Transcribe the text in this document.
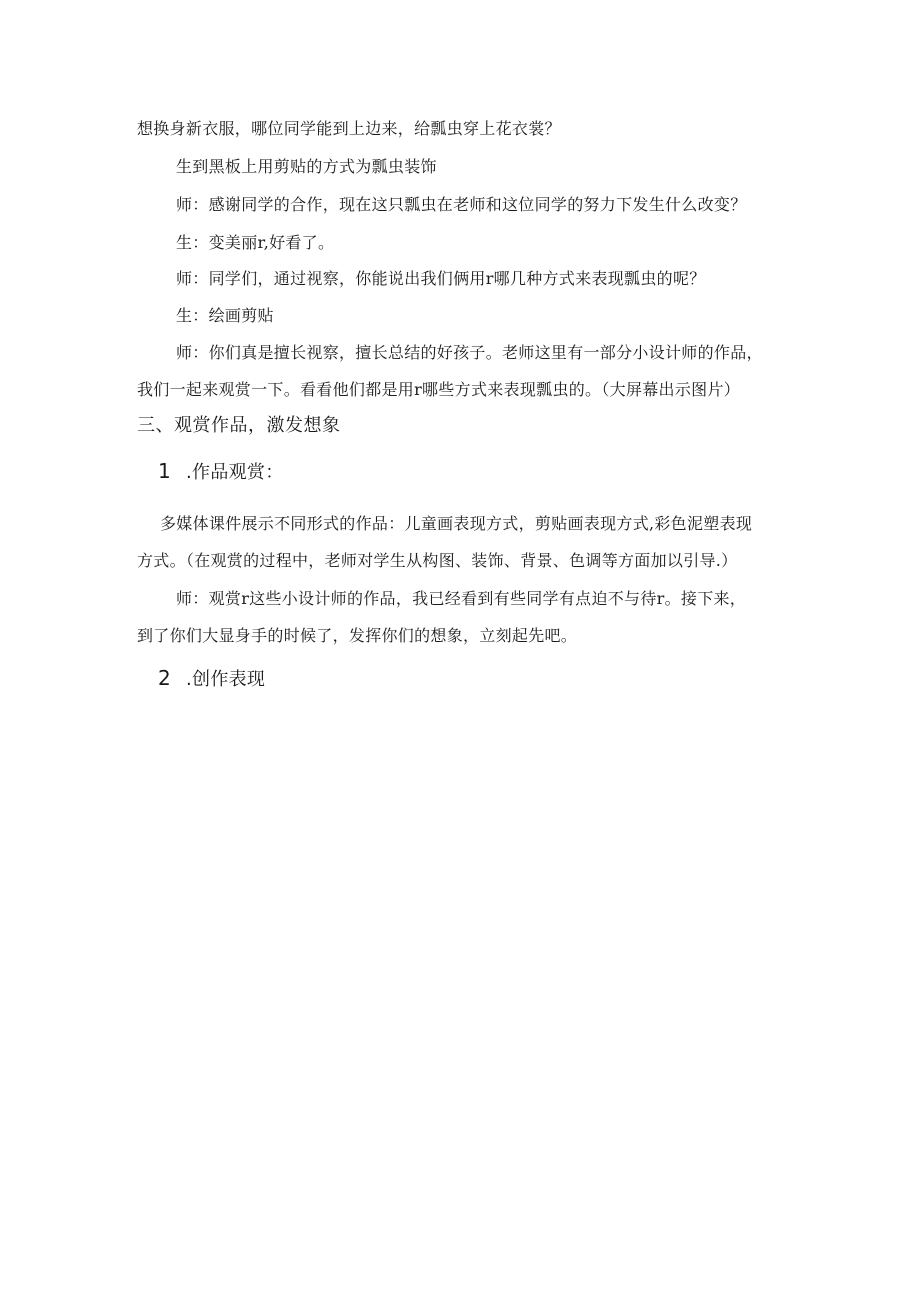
想换身新衣服，哪位同学能到上边来，给瓢虫穿上花衣裳？
生到黑板上用剪贴的方式为瓢虫装饰
师：感谢同学的合作，现在这只瓢虫在老师和这位同学的努力下发生什么改变？
生：变美丽r,好看了。
师：同学们，通过视察，你能说出我们俩用r哪几种方式来表现瓢虫的呢？
生：绘画剪贴
师：你们真是擅长视察，擅长总结的好孩子。老师这里有一部分小设计师的作品，
我们一起来观赏一下。看看他们都是用r哪些方式来表现瓢虫的。（大屏幕出示图片）
三、观赏作品，激发想象
1 .作品观赏：
多媒体课件展示不同形式的作品：儿童画表现方式，剪贴画表现方式,彩色泥塑表现
方式。（在观赏的过程中，老师对学生从构图、装饰、背景、色调等方面加以引导.）
师：观赏r这些小设计师的作品，我已经看到有些同学有点迫不与待r。接下来，
到了你们大显身手的时候了，发挥你们的想象，立刻起先吧。
2 .创作表现
